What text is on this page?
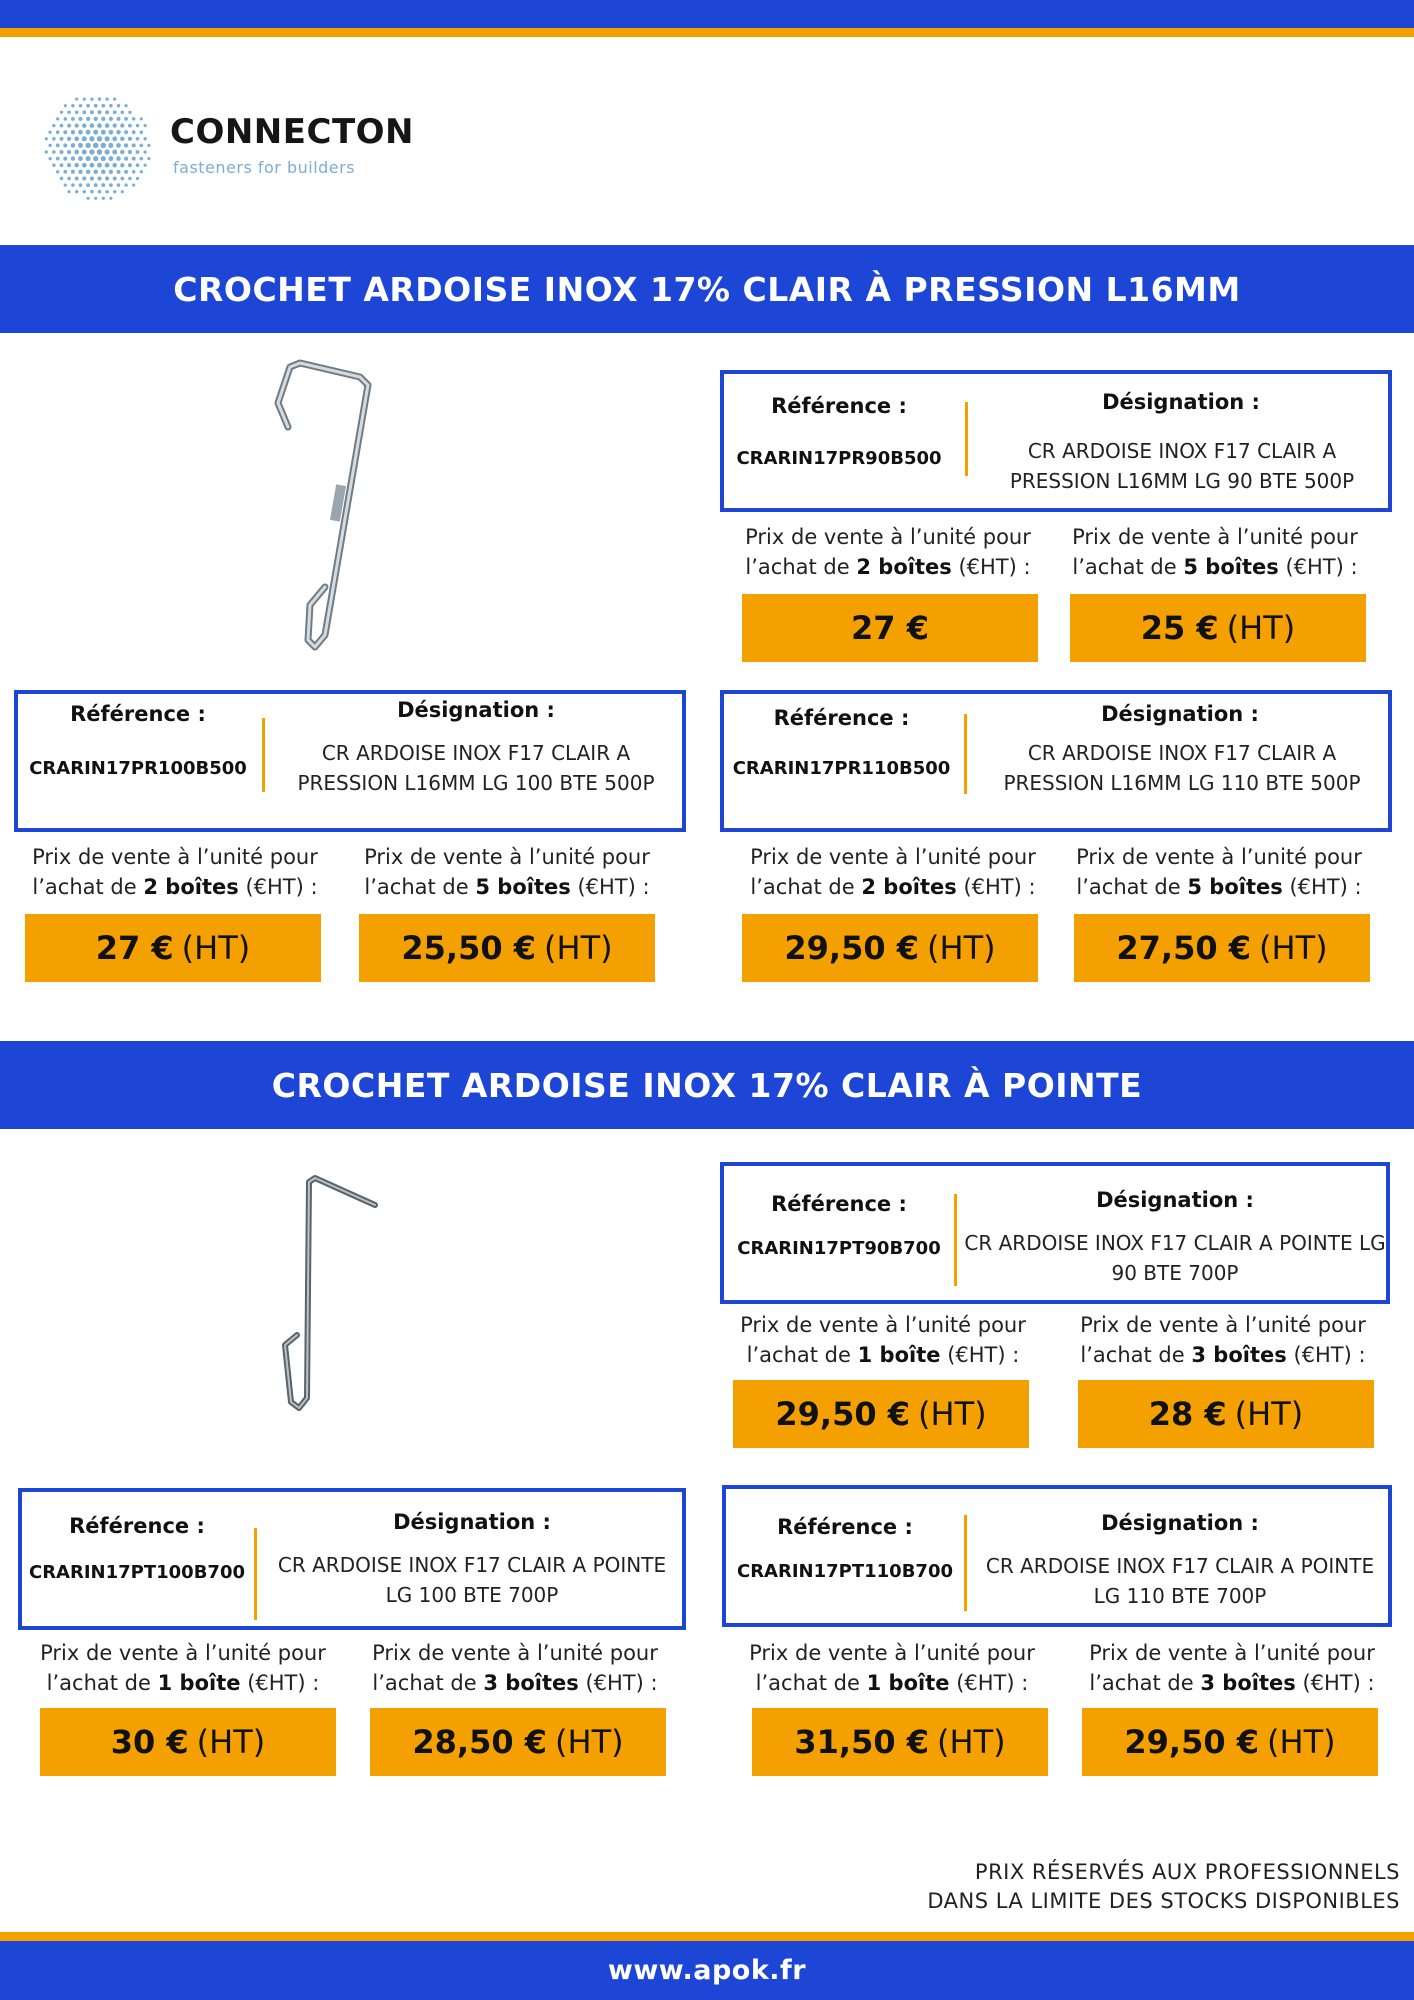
CONNECTON
fasteners for builders
CROCHET ARDOISE INOX 17% CLAIR À PRESSION L16MM
Référence :
CRARIN17PR90B500
Désignation :
CR ARDOISE INOX F17 CLAIR A PRESSION L16MM LG 90 BTE 500P
Prix de vente à l’unité pour
l’achat de 2 boîtes (€HT) :
Prix de vente à l’unité pour
l’achat de 5 boîtes (€HT) :
27 €	25 € (HT)
Référence :
CRARIN17PR100B500
Désignation :
CR ARDOISE INOX F17 CLAIR A PRESSION L16MM LG 100 BTE 500P
Prix de vente à l’unité pour
l’achat de 2 boîtes (€HT) :
Prix de vente à l’unité pour
l’achat de 5 boîtes (€HT) :
27 € (HT)	25,50 € (HT)
Référence :
CRARIN17PR110B500
Désignation :
CR ARDOISE INOX F17 CLAIR A PRESSION L16MM LG 110 BTE 500P
Prix de vente à l’unité pour
l’achat de 2 boîtes (€HT) :
Prix de vente à l’unité pour
l’achat de 5 boîtes (€HT) :
29,50 € (HT)	27,50 € (HT)
CROCHET ARDOISE INOX 17% CLAIR À POINTE
Référence :
CRARIN17PT90B700
Désignation :
CR ARDOISE INOX F17 CLAIR A POINTE LG 90 BTE 700P
Prix de vente à l’unité pour
l’achat de 1 boîte (€HT) :
Prix de vente à l’unité pour
l’achat de 3 boîtes (€HT) :
29,50 € (HT)	28 € (HT)
Référence :
CRARIN17PT100B700
Désignation :
CR ARDOISE INOX F17 CLAIR A POINTE LG 100 BTE 700P
Prix de vente à l’unité pour
l’achat de 1 boîte (€HT) :
Prix de vente à l’unité pour
l’achat de 3 boîtes (€HT) :
30 € (HT)	28,50 € (HT)
Référence :
CRARIN17PT110B700
Désignation :
CR ARDOISE INOX F17 CLAIR A POINTE LG 110 BTE 700P
Prix de vente à l’unité pour
l’achat de 1 boîte (€HT) :
Prix de vente à l’unité pour
l’achat de 3 boîtes (€HT) :
31,50 € (HT)	29,50 € (HT)
PRIX RÉSERVÉS AUX PROFESSIONNELS
DANS LA LIMITE DES STOCKS DISPONIBLES
www.apok.fr
